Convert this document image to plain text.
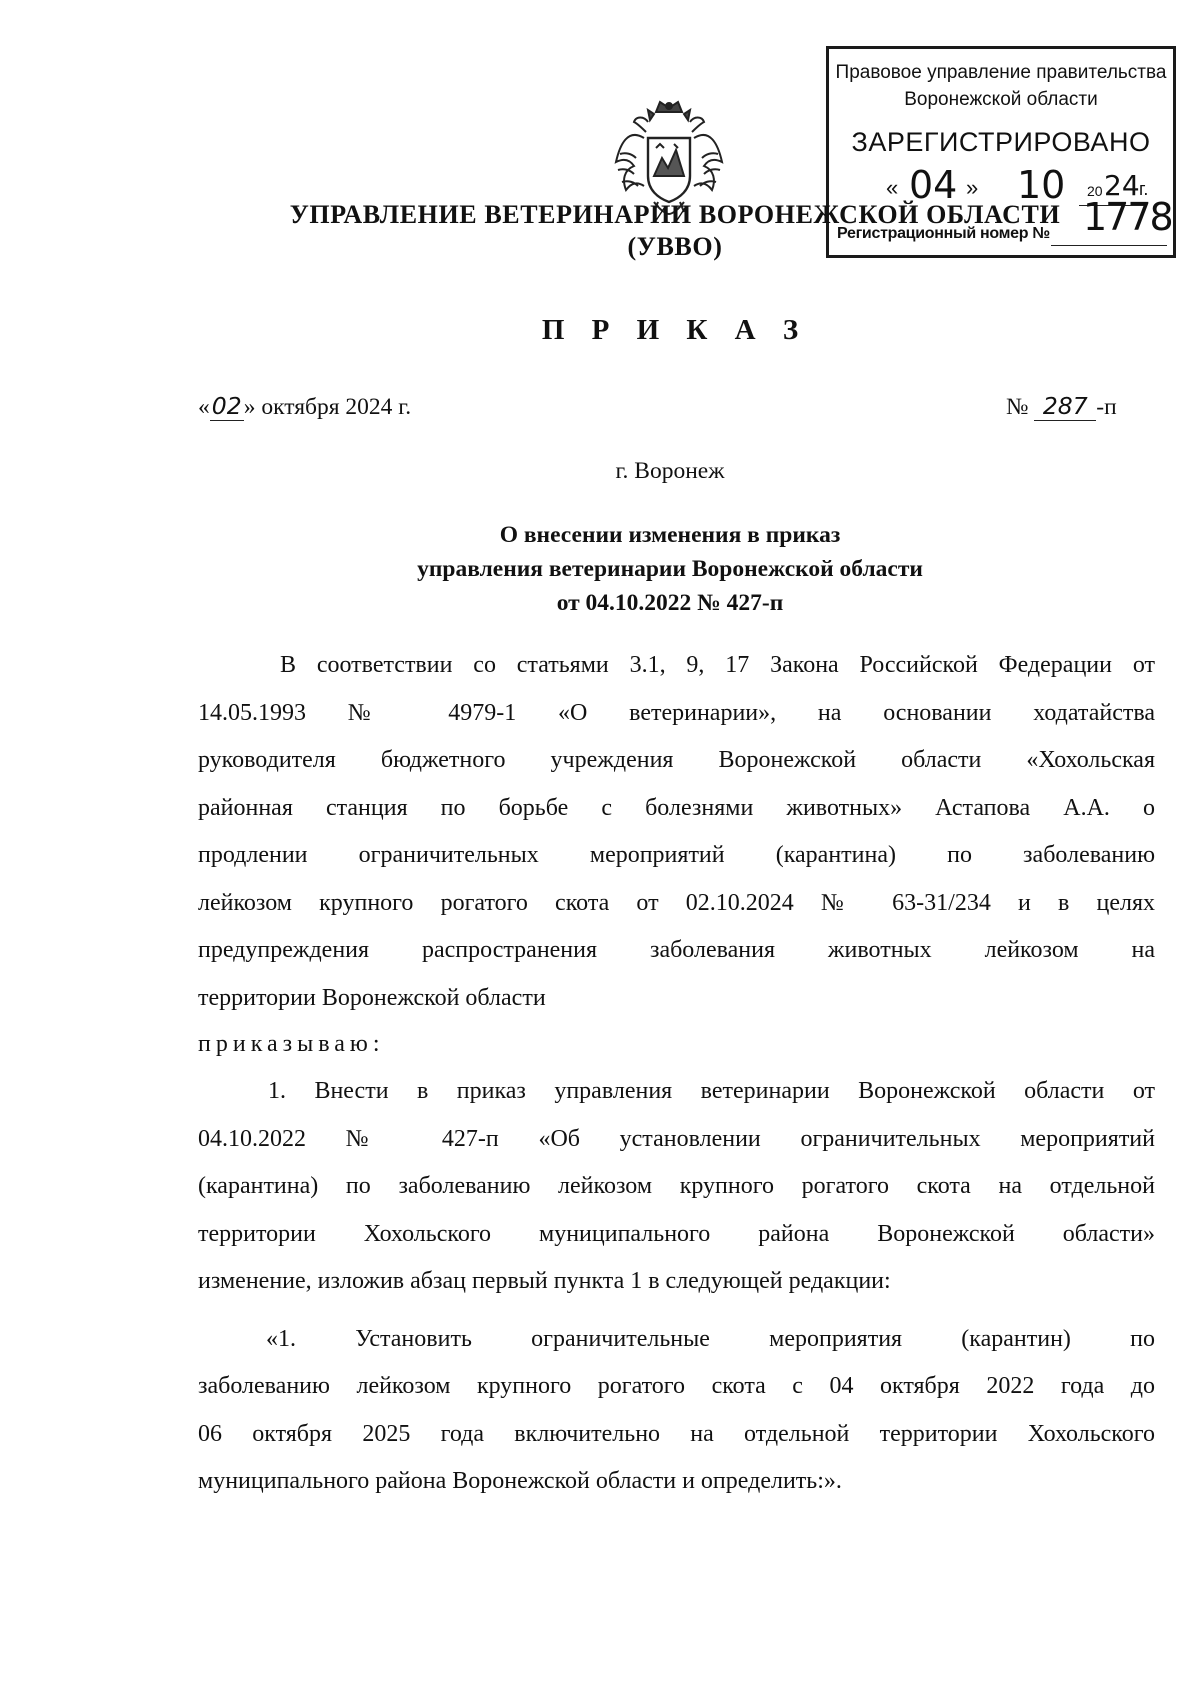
Правовое управление правительства
Воронежской области
ЗАРЕГИСТРИРОВАНО
« 04 » 10 20 24 г.
Регистрационный номер № 1778
УПРАВЛЕНИЕ ВЕТЕРИНАРИИ ВОРОНЕЖСКОЙ ОБЛАСТИ
(УВВО)
П Р И К А З
«02» октября 2024 г.	№ 287 -п
г. Воронеж
О внесении изменения в приказ
управления ветеринарии Воронежской области
от 04.10.2022 № 427-п
В соответствии со статьями 3.1, 9, 17 Закона Российской Федерации от
14.05.1993 № 4979-1 «О ветеринарии», на основании ходатайства
руководителя бюджетного учреждения Воронежской области «Хохольская
районная станция по борьбе с болезнями животных» Астапова А.А. о
продлении ограничительных мероприятий (карантина) по заболеванию
лейкозом крупного рогатого скота от 02.10.2024 № 63-31/234 и в целях
предупреждения распространения заболевания животных лейкозом на
территории Воронежской области
приказываю:
1. Внести в приказ управления ветеринарии Воронежской области от
04.10.2022 № 427-п «Об установлении ограничительных мероприятий
(карантина) по заболеванию лейкозом крупного рогатого скота на отдельной
территории Хохольского муниципального района Воронежской области»
изменение, изложив абзац первый пункта 1 в следующей редакции:
«1. Установить ограничительные мероприятия (карантин) по
заболеванию лейкозом крупного рогатого скота с 04 октября 2022 года до
06 октября 2025 года включительно на отдельной территории Хохольского
муниципального района Воронежской области и определить:».
